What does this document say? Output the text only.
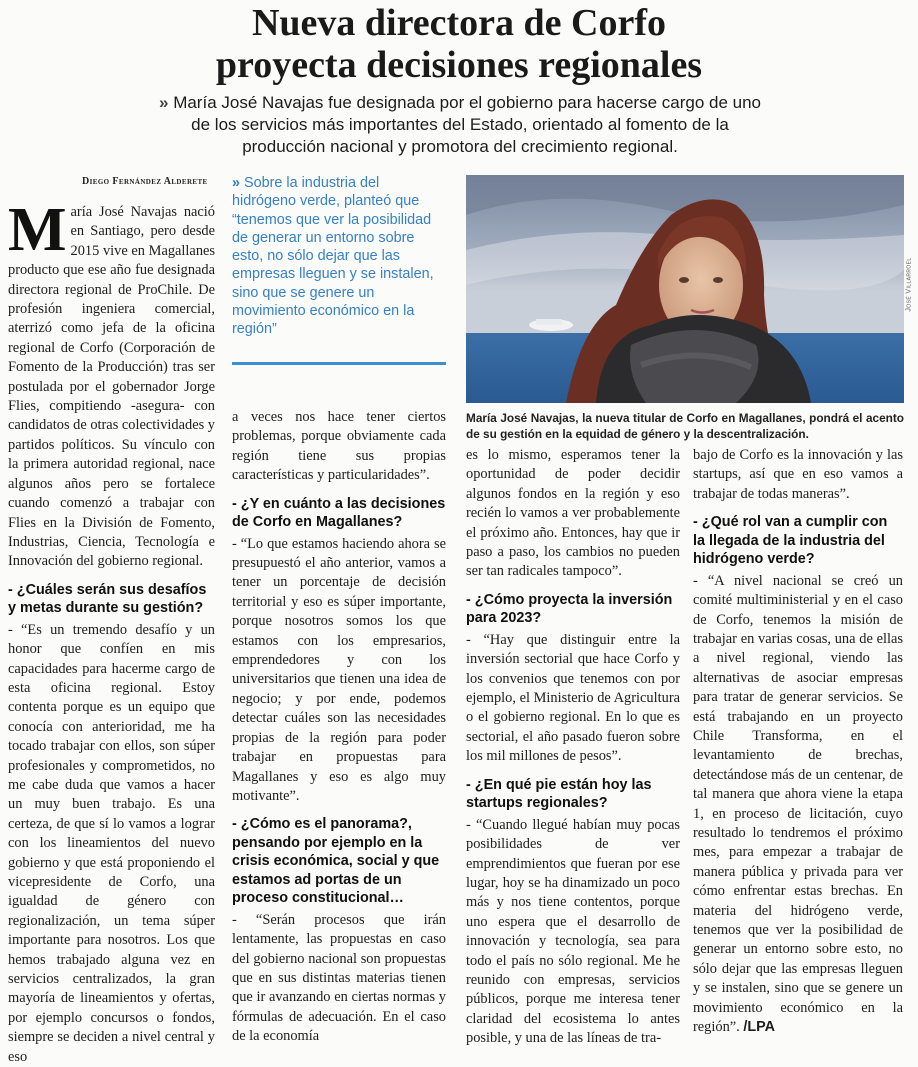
Nueva directora de Corfo
proyecta decisiones regionales
» María José Navajas fue designada por el gobierno para hacerse cargo de uno de los servicios más importantes del Estado, orientado al fomento de la producción nacional y promotora del crecimiento regional.
Diego Fernández Alderete

María José Navajas nació en Santiago, pero desde 2015 vive en Magallanes producto que ese año fue designada directora regional de ProChile. De profesión ingeniera comercial, aterrizó como jefa de la oficina regional de Corfo (Corporación de Fomento de la Producción) tras ser postulada por el gobernador Jorge Flies, compitiendo -asegura- con candidatos de otras colectividades y partidos políticos. Su vínculo con la primera autoridad regional, nace algunos años pero se fortalece cuando comenzó a trabajar con Flies en la División de Fomento, Industrias, Ciencia, Tecnología e Innovación del gobierno regional.

- ¿Cuáles serán sus desafíos y metas durante su gestión?

- “Es un tremendo desafío y un honor que confíen en mis capacidades para hacerme cargo de esta oficina regional. Estoy contenta porque es un equipo que conocía con anterioridad, me ha tocado trabajar con ellos, son súper profesionales y comprometidos, no me cabe duda que vamos a hacer un muy buen trabajo. Es una certeza, de que sí lo vamos a lograr con los lineamientos del nuevo gobierno y que está proponiendo el vicepresidente de Corfo, una igualdad de género con regionalización, un tema súper importante para nosotros. Los que hemos trabajado alguna vez en servicios centralizados, la gran mayoría de lineamientos y ofertas, por ejemplo concursos o fondos, siempre se deciden a nivel central y eso

» Sobre la industria del hidrógeno verde, planteó que “tenemos que ver la posibilidad de generar un entorno sobre esto, no sólo dejar que las empresas lleguen y se instalen, sino que se genere un movimiento económico en la región”

a veces nos hace tener ciertos problemas, porque obviamente cada región tiene sus propias características y particularidades”.

- ¿Y en cuánto a las decisiones de Corfo en Magallanes?

- “Lo que estamos haciendo ahora se presupuestó el año anterior, vamos a tener un porcentaje de decisión territorial y eso es súper importante, porque nosotros somos los que estamos con los empresarios, emprendedores y con los universitarios que tienen una idea de negocio; y por ende, podemos detectar cuáles son las necesidades propias de la región para poder trabajar en propuestas para Magallanes y eso es algo muy motivante”.

- ¿Cómo es el panorama?, pensando por ejemplo en la crisis económica, social y que estamos ad portas de un proceso constitucional…

- “Serán procesos que irán lentamente, las propuestas en caso del gobierno nacional son propuestas que en sus distintas materias tienen que ir avanzando en ciertas normas y fórmulas de adecuación. En el caso de la economía

José Villarroel
María José Navajas, la nueva titular de Corfo en Magallanes, pondrá el acento de su gestión en la equidad de género y la descentralización.

es lo mismo, esperamos tener la oportunidad de poder decidir algunos fondos en la región y eso recién lo vamos a ver probablemente el próximo año. Entonces, hay que ir paso a paso, los cambios no pueden ser tan radicales tampoco”.

- ¿Cómo proyecta la inversión para 2023?

- “Hay que distinguir entre la inversión sectorial que hace Corfo y los convenios que tenemos con por ejemplo, el Ministerio de Agricultura o el gobierno regional. En lo que es sectorial, el año pasado fueron sobre los mil millones de pesos”.

- ¿En qué pie están hoy las startups regionales?

- “Cuando llegué habían muy pocas posibilidades de ver emprendimientos que fueran por ese lugar, hoy se ha dinamizado un poco más y nos tiene contentos, porque uno espera que el desarrollo de innovación y tecnología, sea para todo el país no sólo regional. Me he reunido con empresas, servicios públicos, porque me interesa tener claridad del ecosistema lo antes posible, y una de las líneas de tra-

bajo de Corfo es la innovación y las startups, así que en eso vamos a trabajar de todas maneras”.

- ¿Qué rol van a cumplir con la llegada de la industria del hidrógeno verde?

- “A nivel nacional se creó un comité multiministerial y en el caso de Corfo, tenemos la misión de trabajar en varias cosas, una de ellas a nivel regional, viendo las alternativas de asociar empresas para tratar de generar servicios. Se está trabajando en un proyecto Chile Transforma, en el levantamiento de brechas, detectándose más de un centenar, de tal manera que ahora viene la etapa 1, en proceso de licitación, cuyo resultado lo tendremos el próximo mes, para empezar a trabajar de manera pública y privada para ver cómo enfrentar estas brechas. En materia del hidrógeno verde, tenemos que ver la posibilidad de generar un entorno sobre esto, no sólo dejar que las empresas lleguen y se instalen, sino que se genere un movimiento económico en la región”. /LPA
